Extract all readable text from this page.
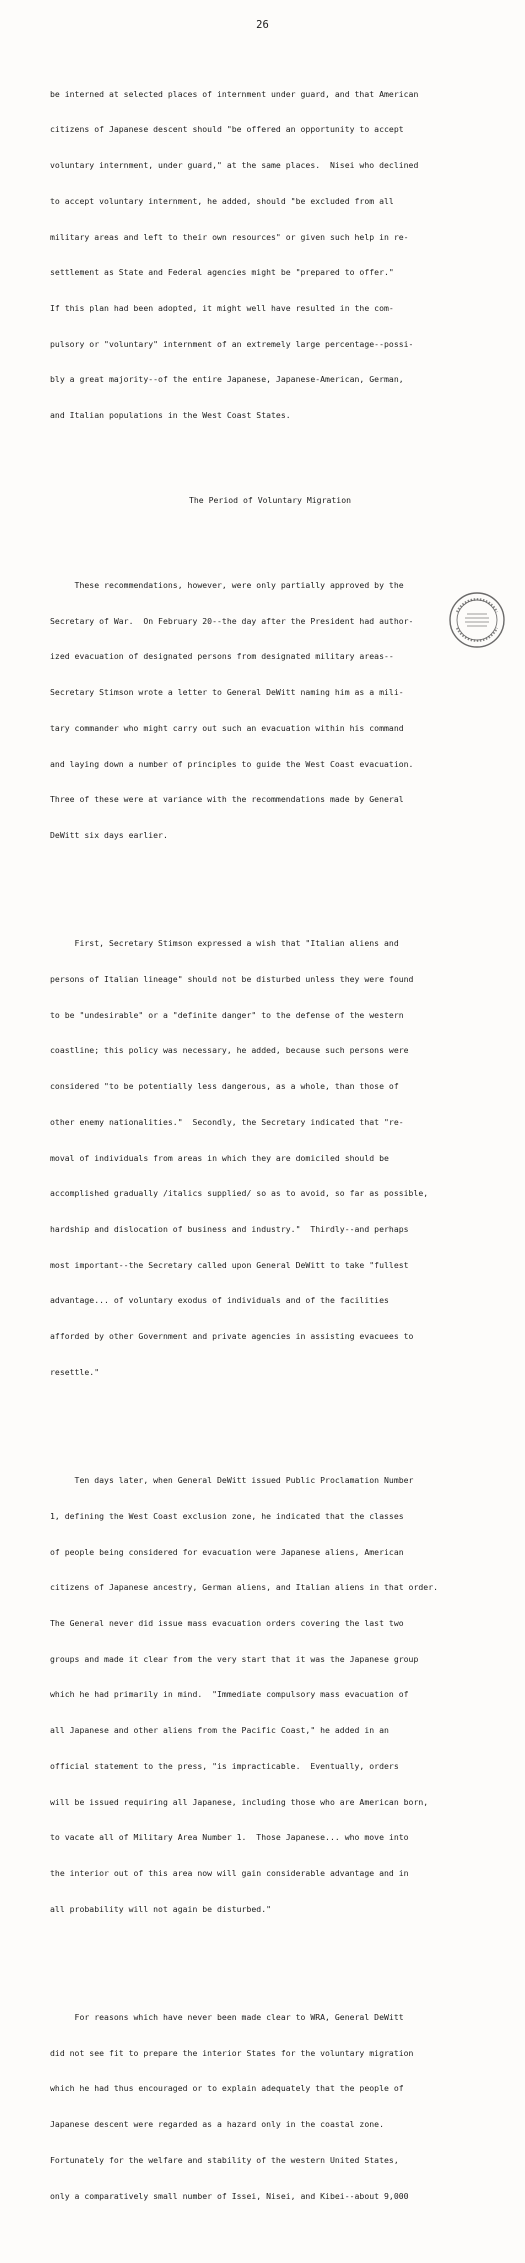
26

be interned at selected places of internment under guard, and that American

citizens of Japanese descent should "be offered an opportunity to accept

voluntary internment, under guard," at the same places.  Nisei who declined

to accept voluntary internment, he added, should "be excluded from all

military areas and left to their own resources" or given such help in re-

settlement as State and Federal agencies might be "prepared to offer."

If this plan had been adopted, it might well have resulted in the com-

pulsory or "voluntary" internment of an extremely large percentage--possi-

bly a great majority--of the entire Japanese, Japanese-American, German,

and Italian populations in the West Coast States.

The Period of Voluntary Migration

These recommendations, however, were only partially approved by the

Secretary of War.  On February 20--the day after the President had author-

ized evacuation of designated persons from designated military areas--

Secretary Stimson wrote a letter to General DeWitt naming him as a mili-

tary commander who might carry out such an evacuation within his command

and laying down a number of principles to guide the West Coast evacuation.

Three of these were at variance with the recommendations made by General

DeWitt six days earlier.

First, Secretary Stimson expressed a wish that "Italian aliens and

persons of Italian lineage" should not be disturbed unless they were found

to be "undesirable" or a "definite danger" to the defense of the western

coastline; this policy was necessary, he added, because such persons were

considered "to be potentially less dangerous, as a whole, than those of

other enemy nationalities."  Secondly, the Secretary indicated that "re-

moval of individuals from areas in which they are domiciled should be

accomplished gradually /italics supplied/ so as to avoid, so far as possible,

hardship and dislocation of business and industry."  Thirdly--and perhaps

most important--the Secretary called upon General DeWitt to take "fullest

advantage... of voluntary exodus of individuals and of the facilities

afforded by other Government and private agencies in assisting evacuees to

resettle."

Ten days later, when General DeWitt issued Public Proclamation Number

1, defining the West Coast exclusion zone, he indicated that the classes

of people being considered for evacuation were Japanese aliens, American

citizens of Japanese ancestry, German aliens, and Italian aliens in that order.

The General never did issue mass evacuation orders covering the last two

groups and made it clear from the very start that it was the Japanese group

which he had primarily in mind.  "Immediate compulsory mass evacuation of

all Japanese and other aliens from the Pacific Coast," he added in an

official statement to the press, "is impracticable.  Eventually, orders

will be issued requiring all Japanese, including those who are American born,

to vacate all of Military Area Number 1.  Those Japanese... who move into

the interior out of this area now will gain considerable advantage and in

all probability will not again be disturbed."

For reasons which have never been made clear to WRA, General DeWitt

did not see fit to prepare the interior States for the voluntary migration

which he had thus encouraged or to explain adequately that the people of

Japanese descent were regarded as a hazard only in the coastal zone.

Fortunately for the welfare and stability of the western United States,

only a comparatively small number of Issei, Nisei, and Kibei--about 9,000
